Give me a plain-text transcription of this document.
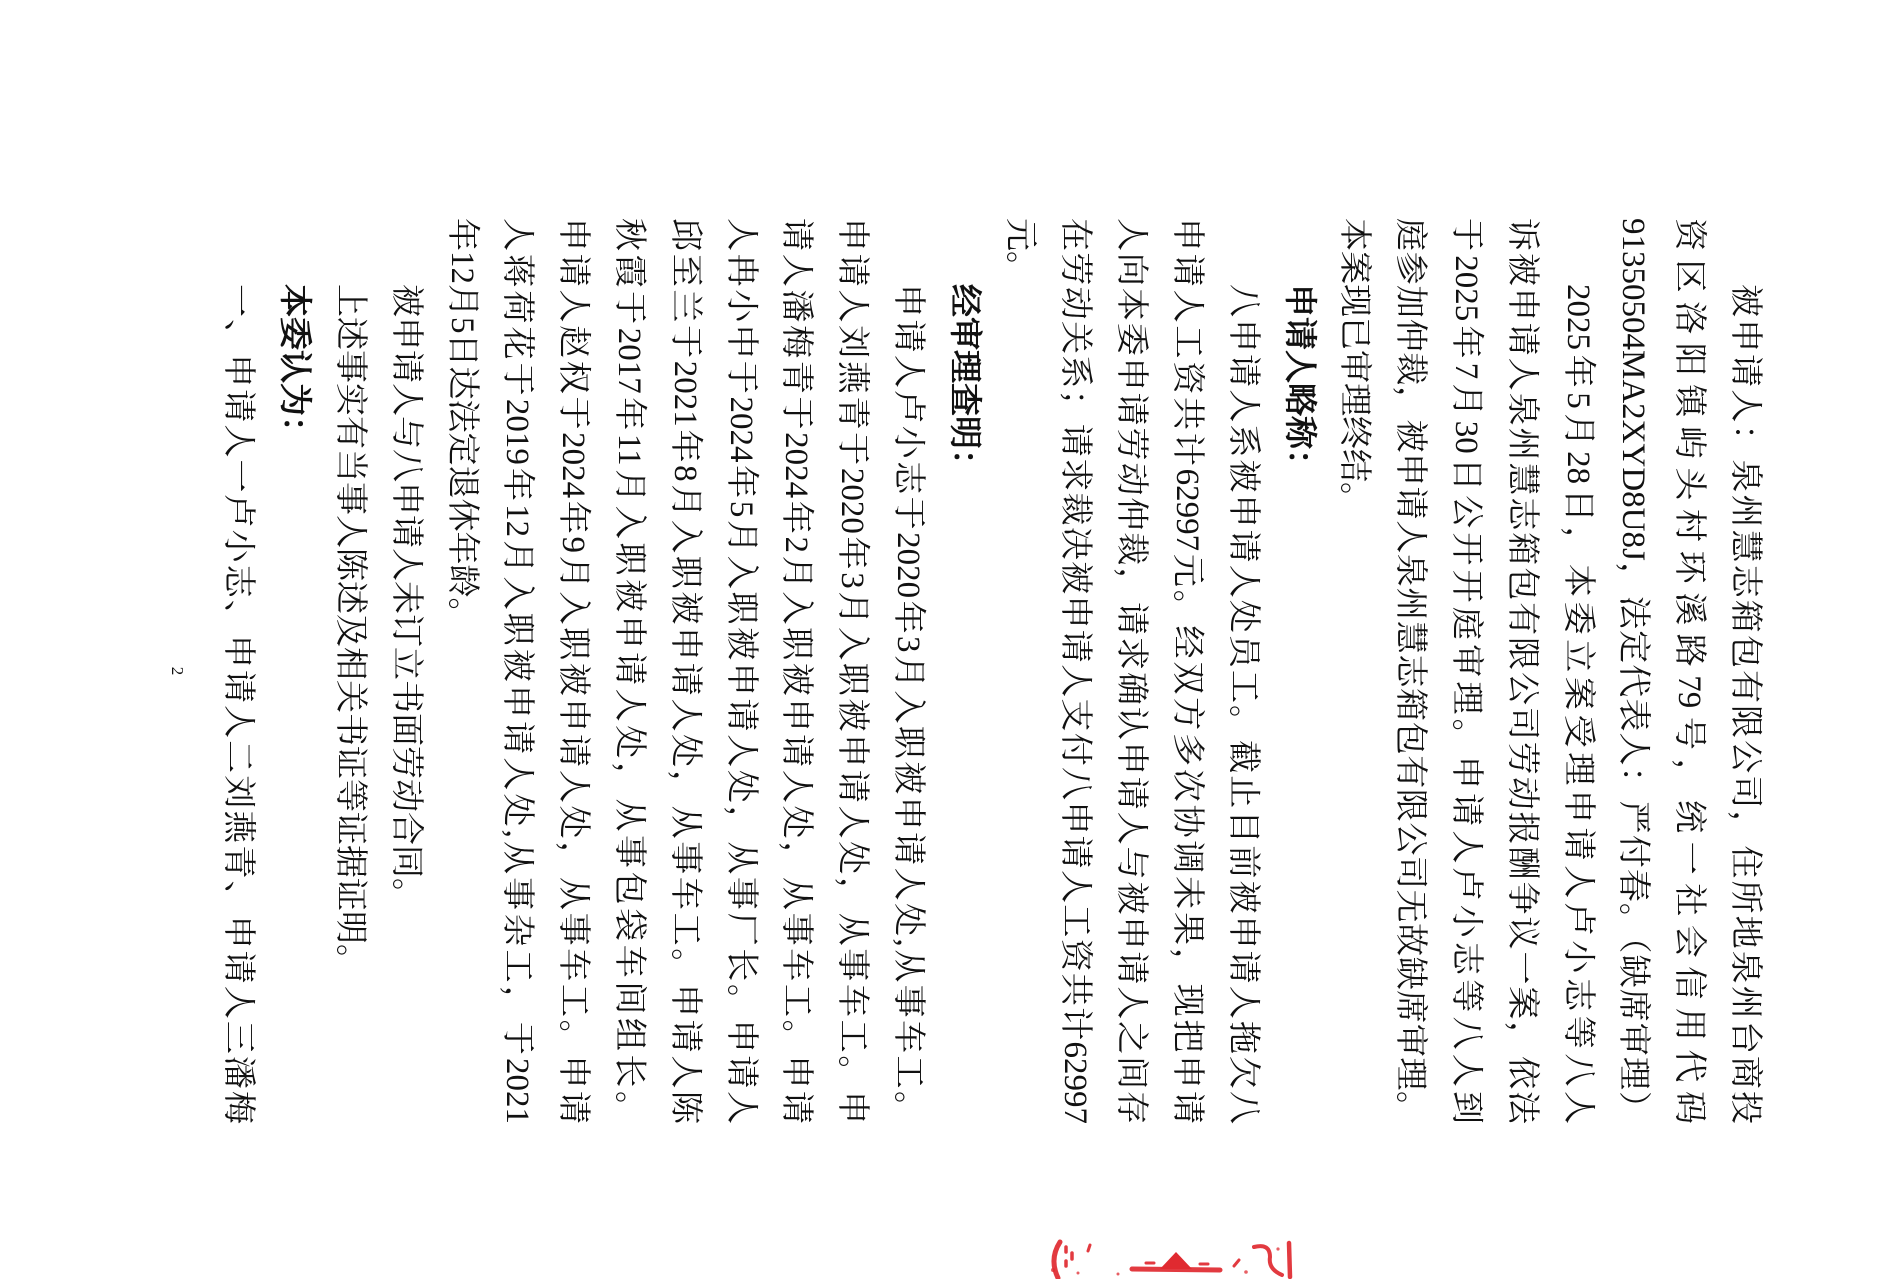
被申请人：泉州慧志箱包有限公司，住所地泉州台商投
资区洛阳镇屿头村环溪路79号，统一社会信用代码
91350504MA2XYD8U8J，法定代表人：严付春。（缺席审理）
2025年5月28日，本委立案受理申请人卢小志等八人
诉被申请人泉州慧志箱包有限公司劳动报酬争议一案，依法
于2025年7月30日公开开庭审理。申请人卢小志等八人到
庭参加仲裁，被申请人泉州慧志箱包有限公司无故缺席审理。
本案现已审理终结。
申请人略称：
八申请人系被申请人处员工。截止目前被申请人拖欠八
申请人工资共计62997元。经双方多次协调未果，现把申请
人向本委申请劳动仲裁，请求确认申请人与被申请人之间存
在劳动关系；请求裁决被申请人支付八申请人工资共计62997
元。
经审理查明：
申请人卢小志于2020年3月入职被申请人处,从事车工。
申请人刘燕青于2020年3月入职被申请人处，从事车工。申
请人潘梅青于2024年2月入职被申请人处，从事车工。申请
人冉小中于2024年5月入职被申请人处，从事厂长。申请人
邱至兰于2021年8月入职被申请人处，从事车工。申请人陈
秋霞于2017年11月入职被申请人处，从事包袋车间组长。
申请人赵权于2024年9月入职被申请人处，从事车工。申请
人蒋荷花于2019年12月入职被申请人处,从事杂工，于2021
年12月5日达法定退休年龄。
被申请人与八申请人未订立书面劳动合同。
上述事实有当事人陈述及相关书证等证据证明。
本委认为：
一、申请人一卢小志、申请人二刘燕青、申请人三潘梅
2
